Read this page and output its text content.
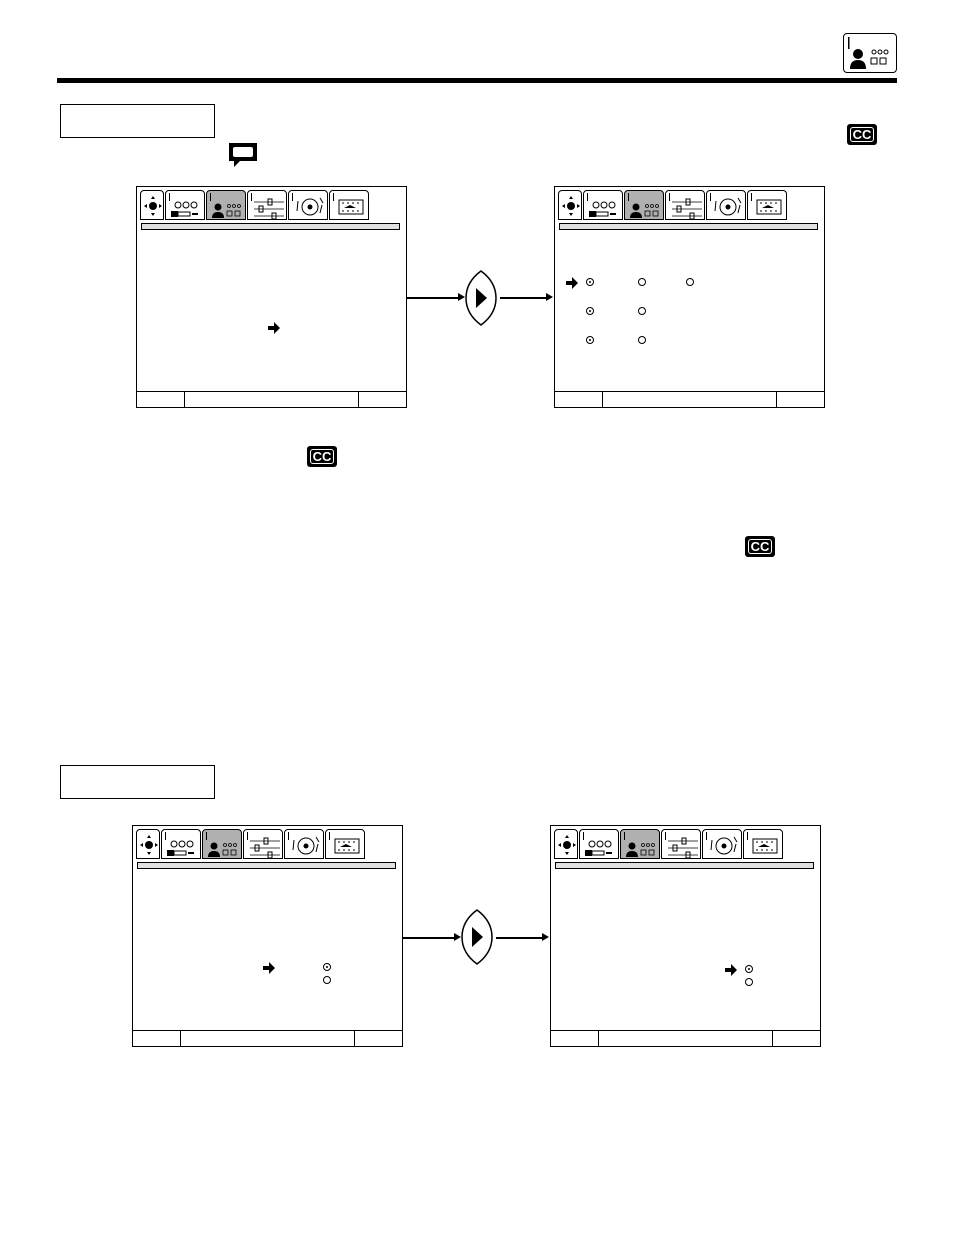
CC
CC
CC
